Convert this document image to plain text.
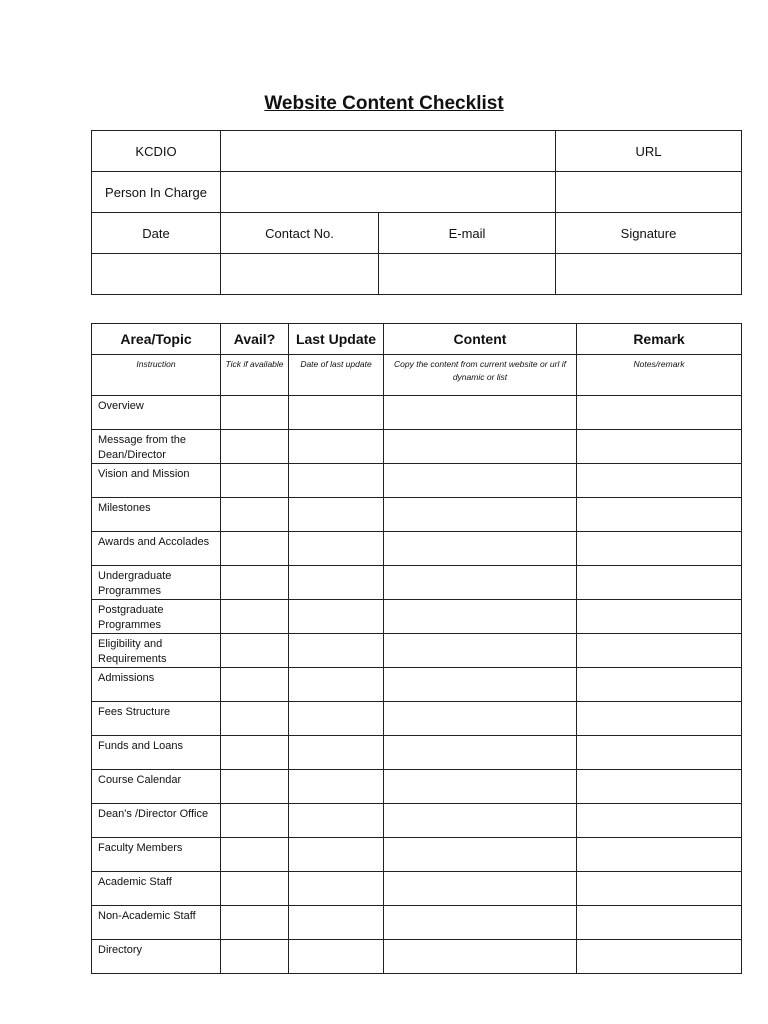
Website Content Checklist
KCDIO			URL
Person In Charge			
Date	Contact No.	E-mail	Signature

Area/Topic	Avail?	Last Update	Content	Remark
Instruction	Tick if available	Date of last update	Copy the content from current website or url if dynamic or list	Notes/remark
Overview				
Message from the Dean/Director				
Vision and Mission				
Milestones				
Awards and Accolades				
Undergraduate Programmes				
Postgraduate Programmes				
Eligibility and Requirements				
Admissions				
Fees Structure				
Funds and Loans				
Course Calendar				
Dean's /Director Office				
Faculty Members				
Academic Staff				
Non-Academic Staff				
Directory				
